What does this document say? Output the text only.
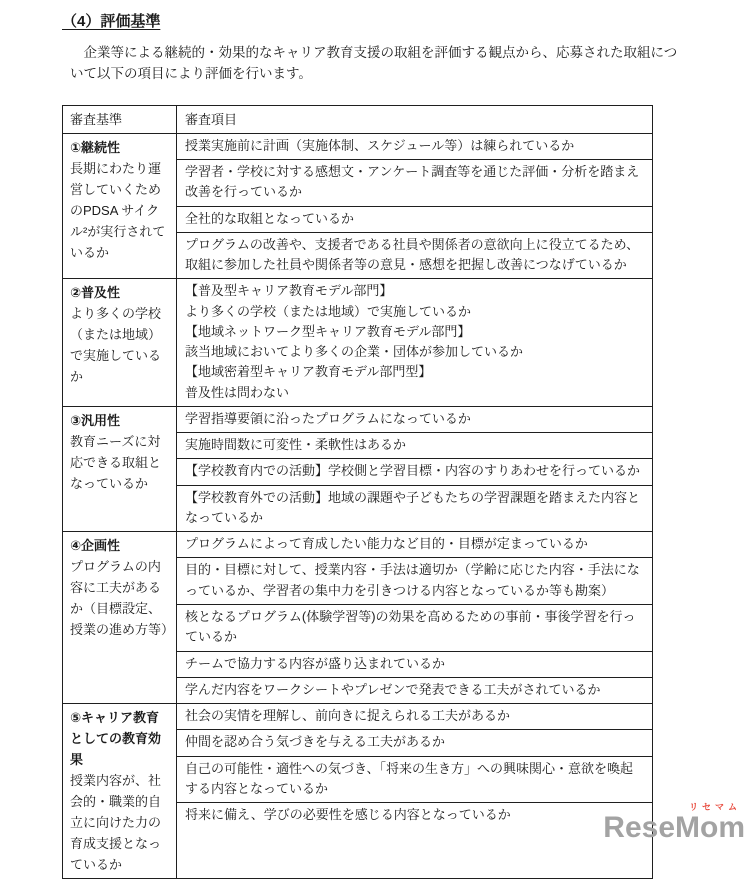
（4）評価基準

企業等による継続的・効果的なキャリア教育支援の取組を評価する観点から、応募された取組について以下の項目により評価を行います。

審査基準	審査項目
①継続性
長期にわたり運営していくためのPDSA サイクル²が実行されているか
授業実施前に計画（実施体制、スケジュール等）は練られているか
学習者・学校に対する感想文・アンケート調査等を通じた評価・分析を踏まえ改善を行っているか
全社的な取組となっているか
プログラムの改善や、支援者である社員や関係者の意欲向上に役立てるため、取組に参加した社員や関係者等の意見・感想を把握し改善につなげているか
②普及性
より多くの学校（または地域）で実施しているか
【普及型キャリア教育モデル部門】
より多くの学校（または地域）で実施しているか
【地域ネットワーク型キャリア教育モデル部門】
該当地域においてより多くの企業・団体が参加しているか
【地域密着型キャリア教育モデル部門型】
普及性は問わない
③汎用性
教育ニーズに対応できる取組となっているか
学習指導要領に沿ったプログラムになっているか
実施時間数に可変性・柔軟性はあるか
【学校教育内での活動】学校側と学習目標・内容のすりあわせを行っているか
【学校教育外での活動】地域の課題や子どもたちの学習課題を踏まえた内容となっているか
④企画性
プログラムの内容に工夫があるか（目標設定、授業の進め方等）
プログラムによって育成したい能力など目的・目標が定まっているか
目的・目標に対して、授業内容・手法は適切か（学齢に応じた内容・手法になっているか、学習者の集中力を引きつける内容となっているか等も勘案）
核となるプログラム(体験学習等)の効果を高めるための事前・事後学習を行っているか
チームで協力する内容が盛り込まれているか
学んだ内容をワークシートやプレゼンで発表できる工夫がされているか
⑤キャリア教育としての教育効果
授業内容が、社会的・職業的自立に向けた力の育成支援となっているか
社会の実情を理解し、前向きに捉えられる工夫があるか
仲間を認め合う気づきを与える工夫があるか
自己の可能性・適性への気づき、「将来の生き方」への興味関心・意欲を喚起する内容となっているか
将来に備え、学びの必要性を感じる内容となっているか
リセマム
ReseMom
